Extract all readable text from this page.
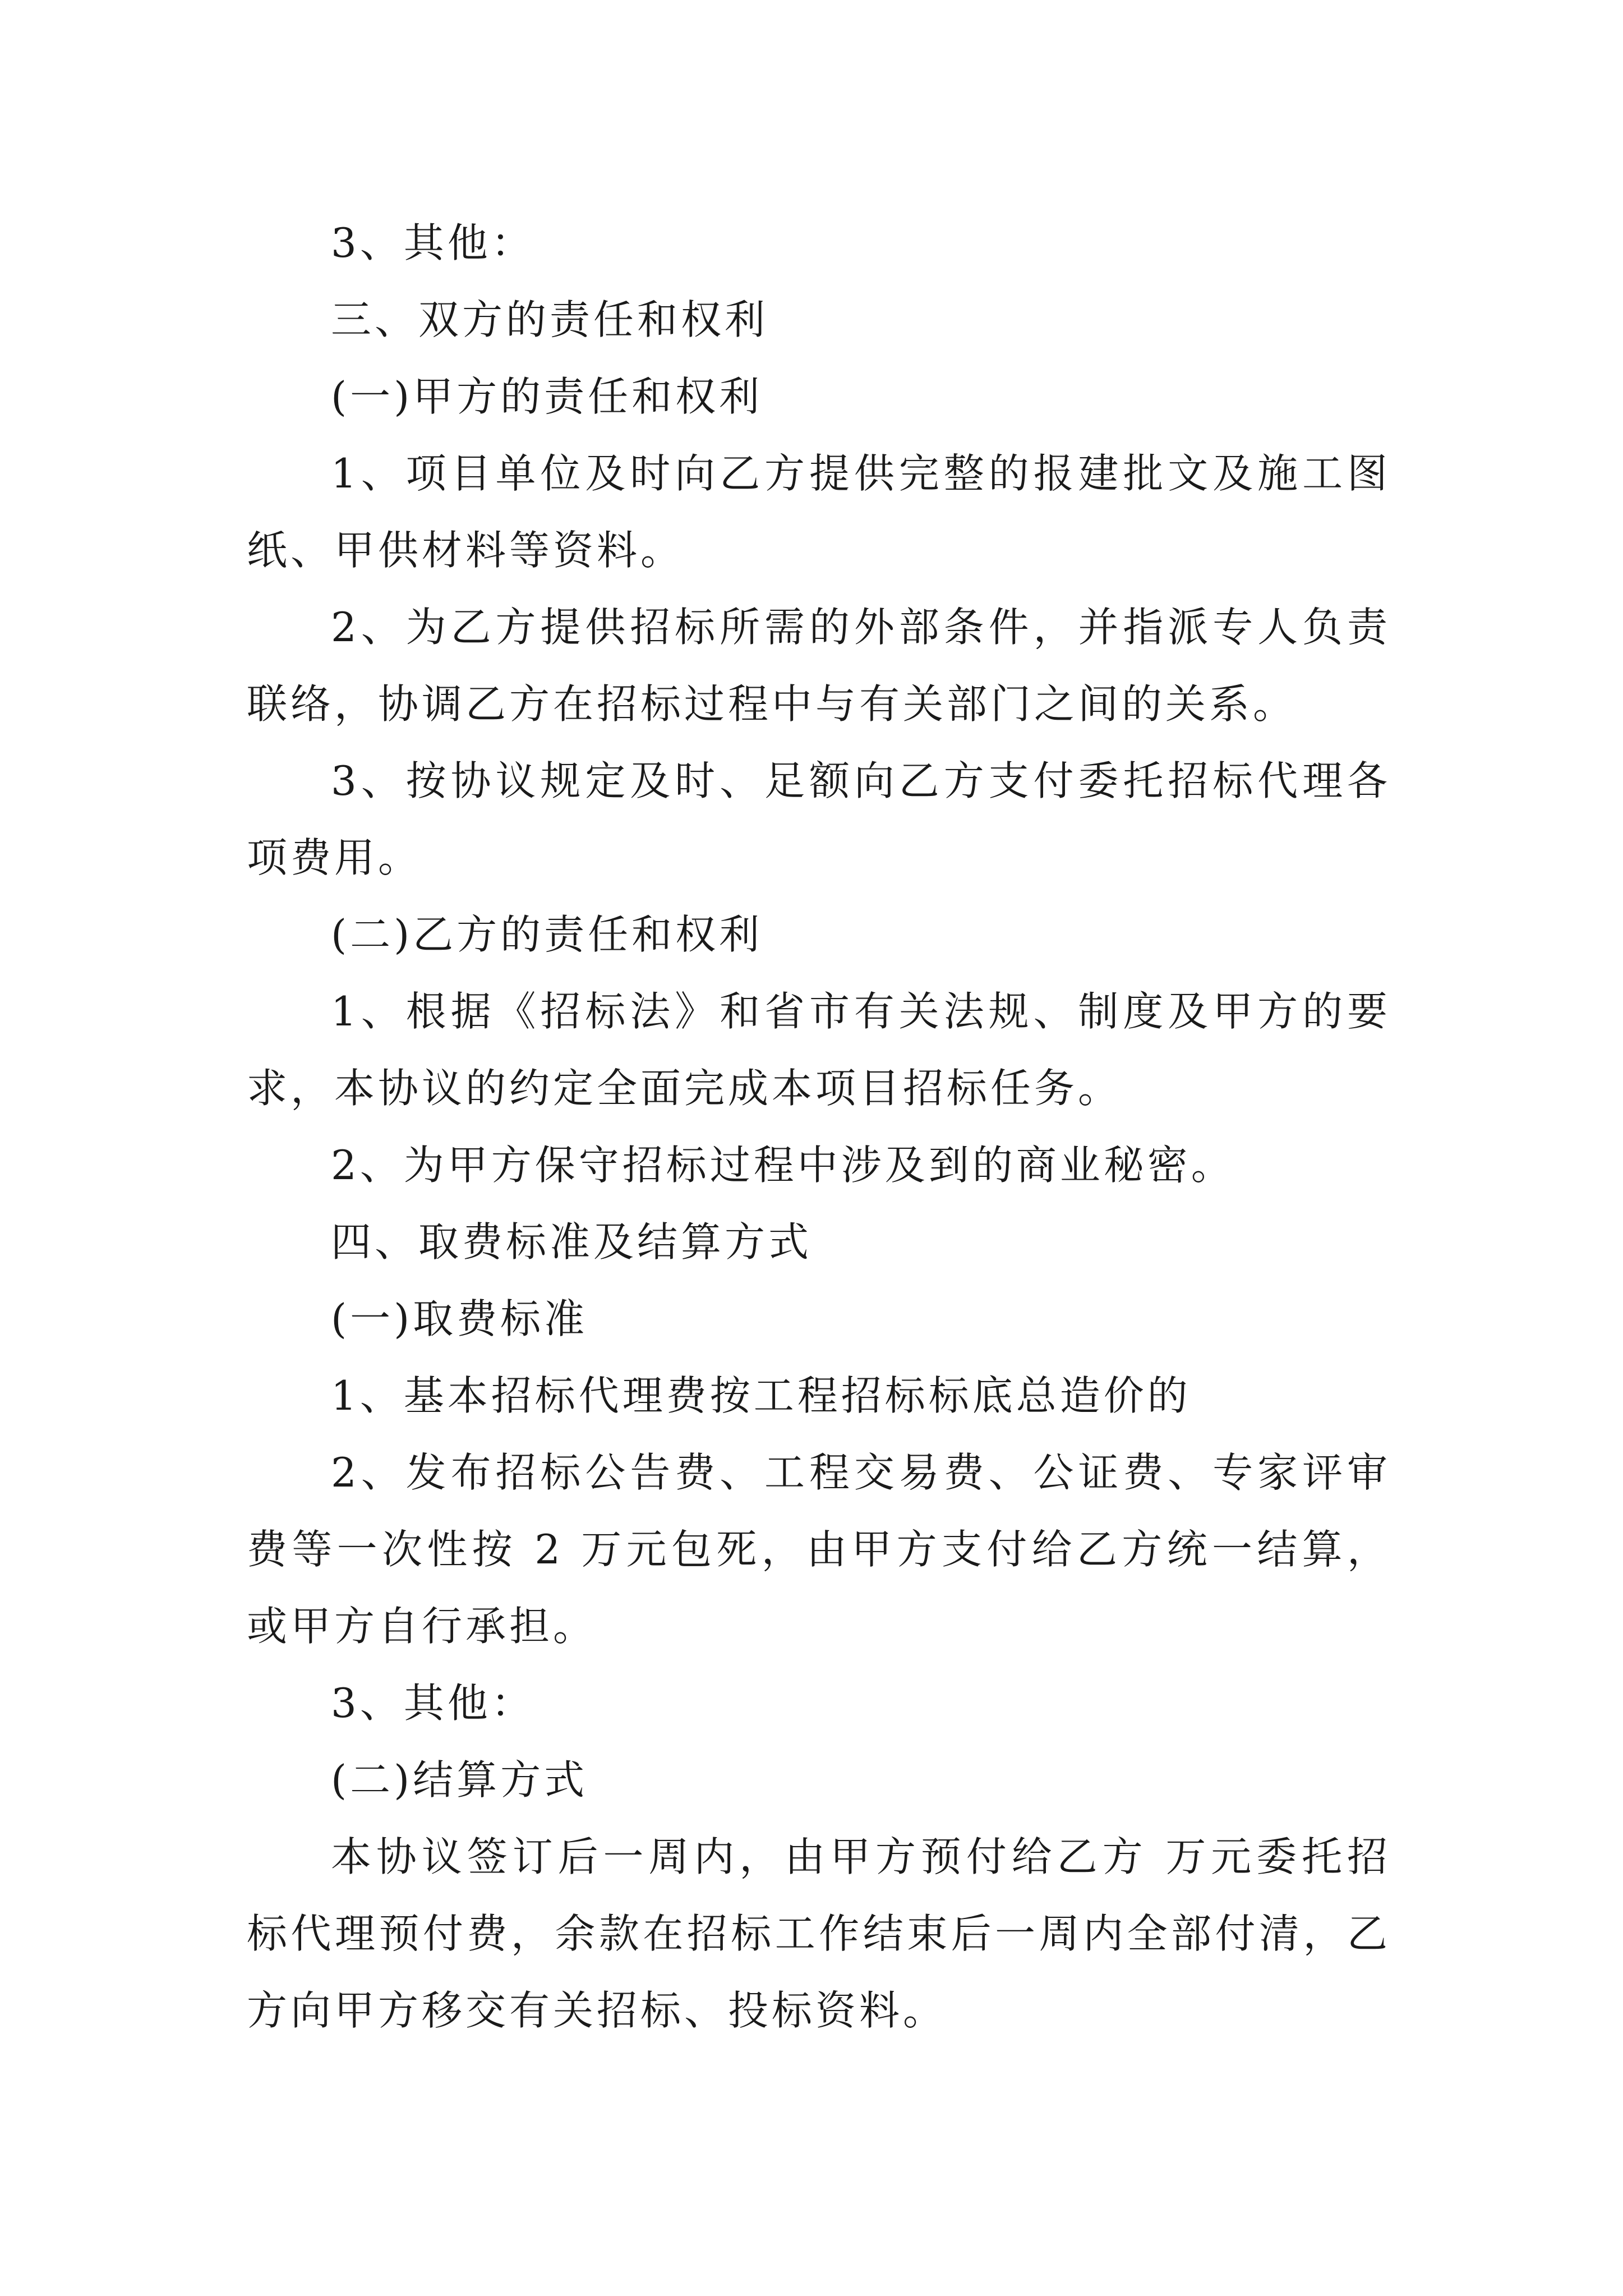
3、其他：

三、双方的责任和权利

(一)甲方的责任和权利

1、项目单位及时向乙方提供完整的报建批文及施工图纸、甲供材料等资料。

2、为乙方提供招标所需的外部条件，并指派专人负责联络，协调乙方在招标过程中与有关部门之间的关系。

3、按协议规定及时、足额向乙方支付委托招标代理各项费用。

(二)乙方的责任和权利

1、根据《招标法》和省市有关法规、制度及甲方的要求，本协议的约定全面完成本项目招标任务。

2、为甲方保守招标过程中涉及到的商业秘密。

四、取费标准及结算方式

(一)取费标准

1、基本招标代理费按工程招标标底总造价的

2、发布招标公告费、工程交易费、公证费、专家评审费等一次性按 2 万元包死，由甲方支付给乙方统一结算，或甲方自行承担。

3、其他：

(二)结算方式

本协议签订后一周内，由甲方预付给乙方 万元委托招标代理预付费，余款在招标工作结束后一周内全部付清，乙方向甲方移交有关招标、投标资料。
